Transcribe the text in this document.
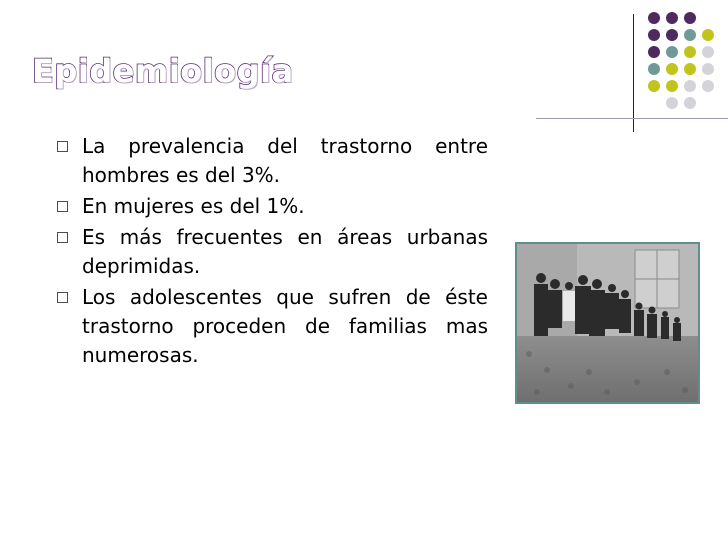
Epidemiología
La prevalencia del trastorno entre hombres es del 3%.
En mujeres es del 1%.
Es más frecuentes en áreas urbanas deprimidas.
Los adolescentes que sufren de éste trastorno proceden de familias mas numerosas.
